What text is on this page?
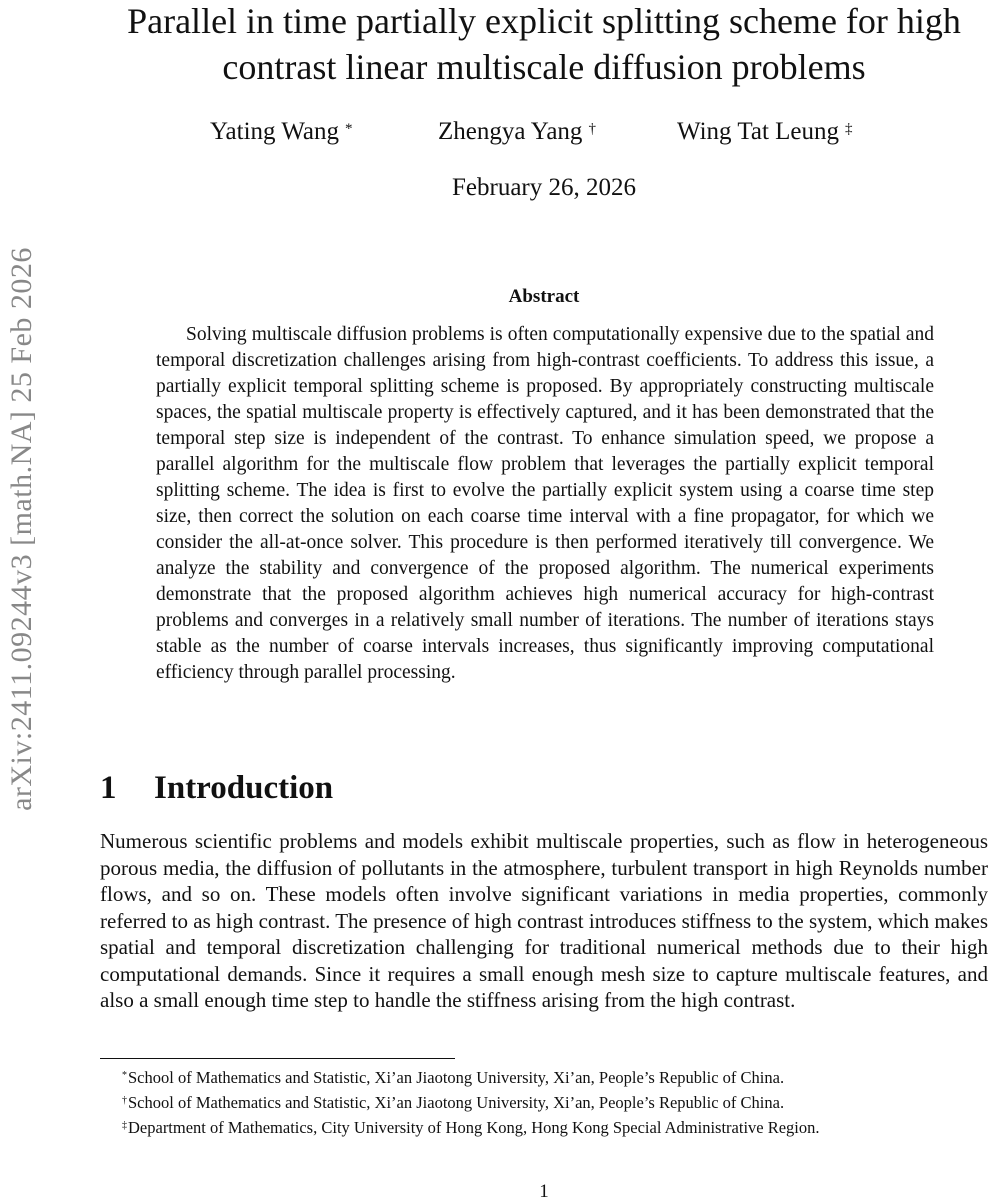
arXiv:2411.09244v3 [math.NA] 25 Feb 2026
Parallel in time partially explicit splitting scheme for high contrast linear multiscale diffusion problems
Yating Wang *	Zhengya Yang †	Wing Tat Leung ‡
February 26, 2026
Abstract

Solving multiscale diffusion problems is often computationally expensive due to the spatial and temporal discretization challenges arising from high-contrast coefficients. To address this issue, a partially explicit temporal splitting scheme is proposed. By appropriately constructing multiscale spaces, the spatial multiscale property is effectively captured, and it has been demonstrated that the temporal step size is independent of the contrast. To enhance simulation speed, we propose a parallel algorithm for the multiscale flow problem that leverages the partially explicit temporal splitting scheme. The idea is first to evolve the partially explicit system using a coarse time step size, then correct the solution on each coarse time interval with a fine propagator, for which we consider the all-at-once solver. This procedure is then performed iteratively till convergence. We analyze the stability and convergence of the proposed algorithm. The numerical experiments demonstrate that the proposed algorithm achieves high numerical accuracy for high-contrast problems and converges in a relatively small number of iterations. The number of iterations stays stable as the number of coarse intervals increases, thus significantly improving computational efficiency through parallel processing.

1 Introduction

Numerous scientific problems and models exhibit multiscale properties, such as flow in heterogeneous porous media, the diffusion of pollutants in the atmosphere, turbulent transport in high Reynolds number flows, and so on. These models often involve significant variations in media properties, commonly referred to as high contrast. The presence of high contrast introduces stiffness to the system, which makes spatial and temporal discretization challenging for traditional numerical methods due to their high computational demands. Since it requires a small enough mesh size to capture multiscale features, and also a small enough time step to handle the stiffness arising from the high contrast.

*School of Mathematics and Statistic, Xi’an Jiaotong University, Xi’an, People’s Republic of China.
†School of Mathematics and Statistic, Xi’an Jiaotong University, Xi’an, People’s Republic of China.
‡Department of Mathematics, City University of Hong Kong, Hong Kong Special Administrative Region.
1
